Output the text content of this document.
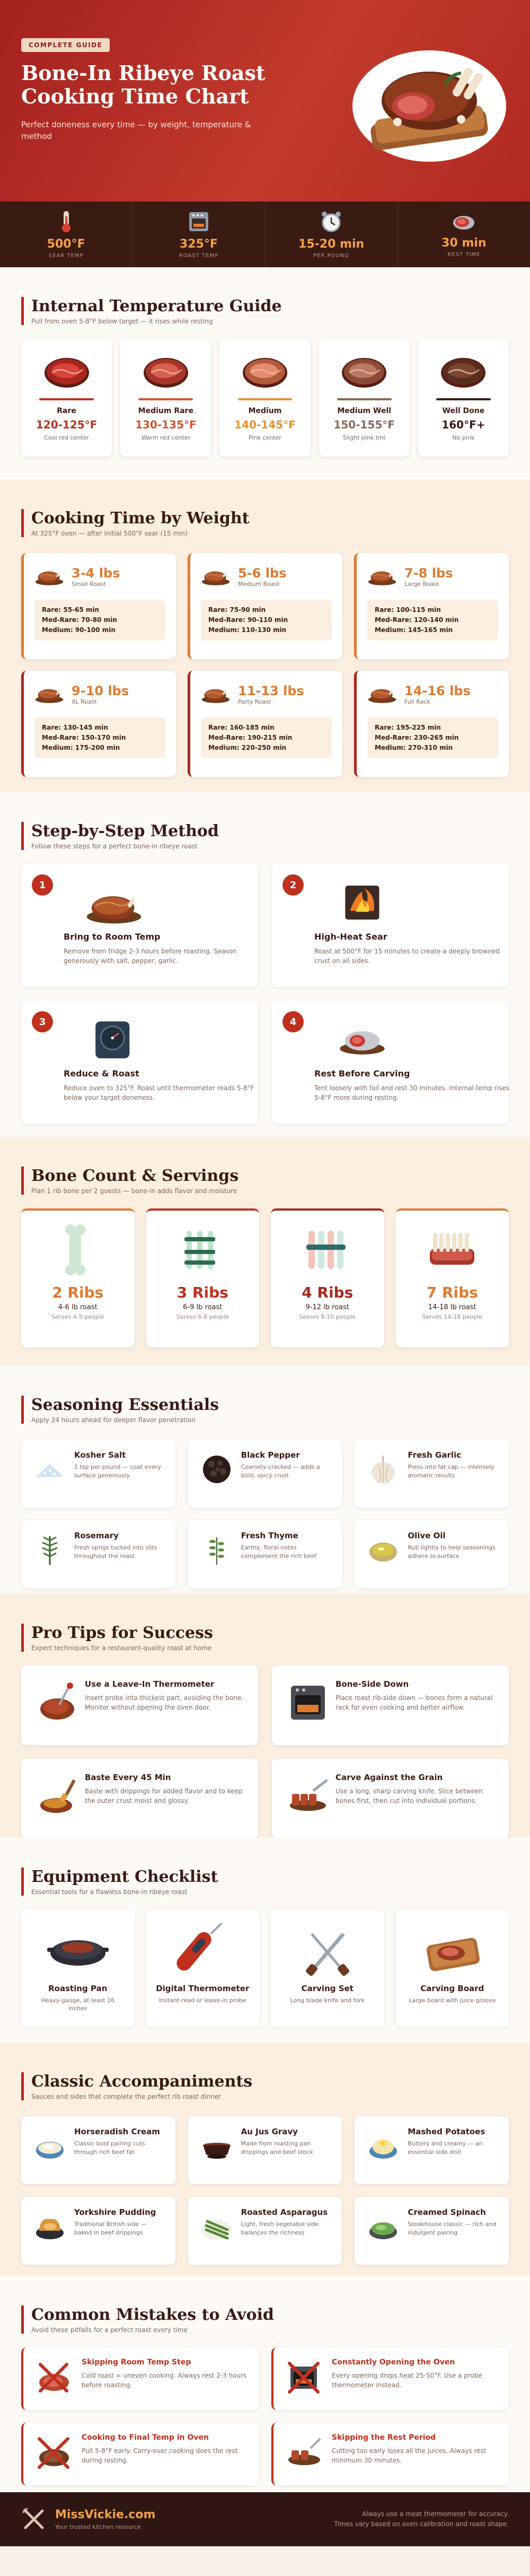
COMPLETE GUIDE
Bone-In Ribeye Roast Cooking Time Chart

Perfect doneness every time — by weight, temperature & method

500°F
SEAR TEMP
325°F
ROAST TEMP
15-20 min
PER POUND
30 min
REST TIME
Internal Temperature Guide
Pull from oven 5-8°F below target — it rises while resting
Rare
120-125°F
Cool red center
Medium Rare
130-135°F
Warm red center
Medium
140-145°F
Pink center
Medium Well
150-155°F
Slight pink tint
Well Done
160°F+
No pink
Cooking Time by Weight
At 325°F oven — after initial 500°F sear (15 min)
3-4 lbs
Small Roast
Rare: 55-65 min
Med-Rare: 70-80 min
Medium: 90-100 min
5-6 lbs
Medium Roast
Rare: 75-90 min
Med-Rare: 90-110 min
Medium: 110-130 min
7-8 lbs
Large Roast
Rare: 100-115 min
Med-Rare: 120-140 min
Medium: 145-165 min
9-10 lbs
XL Roast
Rare: 130-145 min
Med-Rare: 150-170 min
Medium: 175-200 min
11-13 lbs
Party Roast
Rare: 160-185 min
Med-Rare: 190-215 min
Medium: 220-250 min
14-16 lbs
Full Rack
Rare: 195-225 min
Med-Rare: 230-265 min
Medium: 270-310 min
Step-by-Step Method
Follow these steps for a perfect bone-in ribeye roast
1
Bring to Room Temp

Remove from fridge 2-3 hours before roasting. Season generously with salt, pepper, garlic.

2
High-Heat Sear

Roast at 500°F for 15 minutes to create a deeply browned crust on all sides.

3
Reduce & Roast

Reduce oven to 325°F. Roast until thermometer reads 5-8°F below your target doneness.

4
Rest Before Carving

Tent loosely with foil and rest 30 minutes. Internal temp rises 5-8°F more during resting.

Bone Count & Servings
Plan 1 rib bone per 2 guests — bone-in adds flavor and moisture
2 Ribs
4-6 lb roast
Serves 4-5 people
3 Ribs
6-9 lb roast
Serves 6-8 people
4 Ribs
9-12 lb roast
Serves 8-10 people
7 Ribs
14-18 lb roast
Serves 14-18 people
Seasoning Essentials
Apply 24 hours ahead for deeper flavor penetration
Kosher Salt

1 tsp per pound — coat every surface generously

Black Pepper

Coarsely cracked — adds a bold, spicy crust

Fresh Garlic

Press into fat cap — intensely aromatic results

Rosemary

Fresh sprigs tucked into slits throughout the roast

Fresh Thyme

Earthy, floral notes complement the rich beef

Olive Oil

Rub lightly to help seasonings adhere to surface

Pro Tips for Success
Expert techniques for a restaurant-quality roast at home
Use a Leave-In Thermometer

Insert probe into thickest part, avoiding the bone. Monitor without opening the oven door.

Bone-Side Down

Place roast rib-side down — bones form a natural rack for even cooking and better airflow.

Baste Every 45 Min

Baste with drippings for added flavor and to keep the outer crust moist and glossy.

Carve Against the Grain

Use a long, sharp carving knife. Slice between bones first, then cut into individual portions.

Equipment Checklist
Essential tools for a flawless bone-in ribeye roast
Roasting Pan

Heavy-gauge, at least 16 inches

Digital Thermometer

Instant-read or leave-in probe

Carving Set

Long blade knife and fork

Carving Board

Large board with juice groove

Classic Accompaniments
Sauces and sides that complete the perfect rib roast dinner
Horseradish Cream

Classic bold pairing cuts through rich beef fat

Au Jus Gravy

Made from roasting pan drippings and beef stock

Mashed Potatoes

Buttery and creamy — an essential side dish

Yorkshire Pudding

Traditional British side — baked in beef drippings

Roasted Asparagus

Light, fresh vegetable side balances the richness

Creamed Spinach

Steakhouse classic — rich and indulgent pairing

Common Mistakes to Avoid
Avoid these pitfalls for a perfect roast every time
Skipping Room Temp Step

Cold roast = uneven cooking. Always rest 2-3 hours before roasting.

Constantly Opening the Oven

Every opening drops heat 25-50°F. Use a probe thermometer instead.

Cooking to Final Temp in Oven

Pull 5-8°F early. Carry-over cooking does the rest during resting.

Skipping the Rest Period

Cutting too early loses all the juices. Always rest minimum 30 minutes.

MissVickie.com
Your trusted kitchen resource
Always use a meat thermometer for accuracy.
Times vary based on oven calibration and roast shape.
